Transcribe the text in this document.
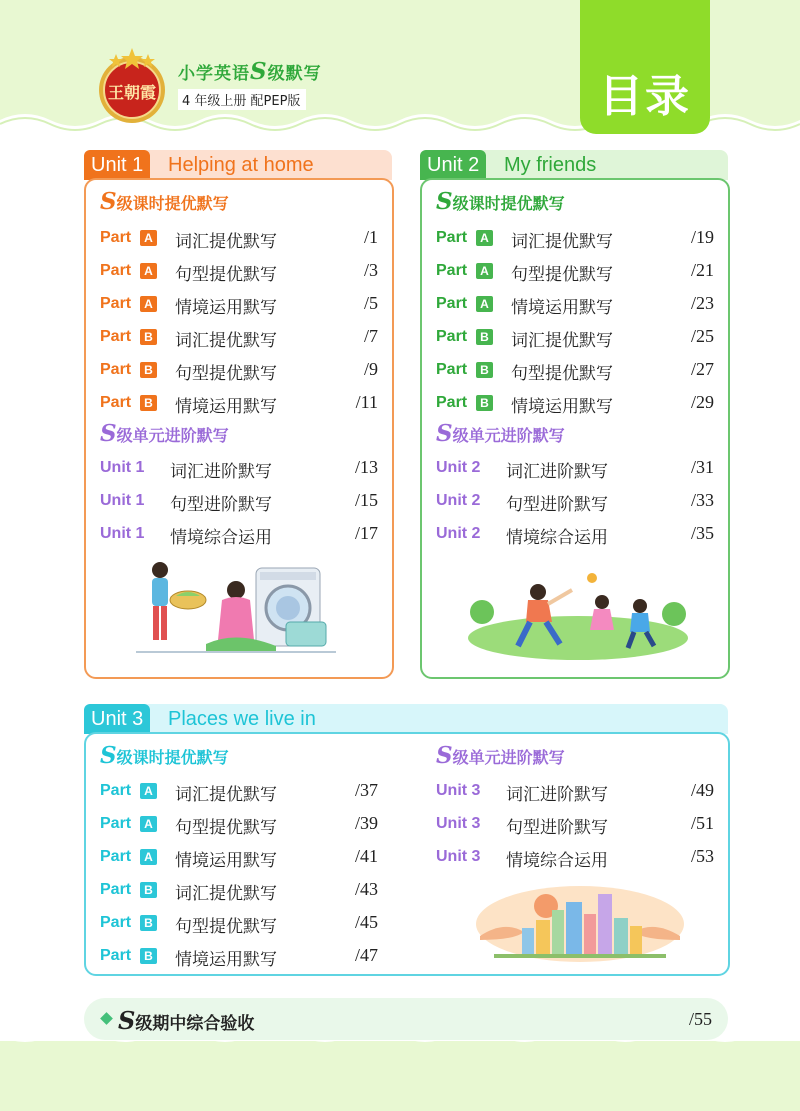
王朝霞
小学英语S级默写
4 年级上册 配PEP版	目录
Unit 1	Helping at home
S级课时提优默写
Part	A 词汇提优默写	/1
Part	A 句型提优默写	/3
Part	A 情境运用默写	/5
Part	B 词汇提优默写	/7
Part	B 句型提优默写	/9
Part	B 情境运用默写	/11
S级单元进阶默写
Unit 1 词汇进阶默写	/13
Unit 1 句型进阶默写	/15
Unit 1 情境综合运用	/17
Unit 2	My friends
S级课时提优默写
Part	A 词汇提优默写	/19
Part	A 句型提优默写	/21
Part	A 情境运用默写	/23
Part	B 词汇提优默写	/25
Part	B 句型提优默写	/27
Part	B 情境运用默写	/29
S级单元进阶默写
Unit 2 词汇进阶默写	/31
Unit 2 句型进阶默写	/33
Unit 2 情境综合运用	/35
Unit 3	Places we live in
S级课时提优默写
Part	A 词汇提优默写	/37
Part	A 句型提优默写	/39
Part	A 情境运用默写	/41
Part	B 词汇提优默写	/43
Part	B 句型提优默写	/45
Part	B 情境运用默写	/47
S级单元进阶默写
Unit 3 词汇进阶默写	/49
Unit 3 句型进阶默写	/51
Unit 3 情境综合运用	/53
S级期中综合验收	/55
